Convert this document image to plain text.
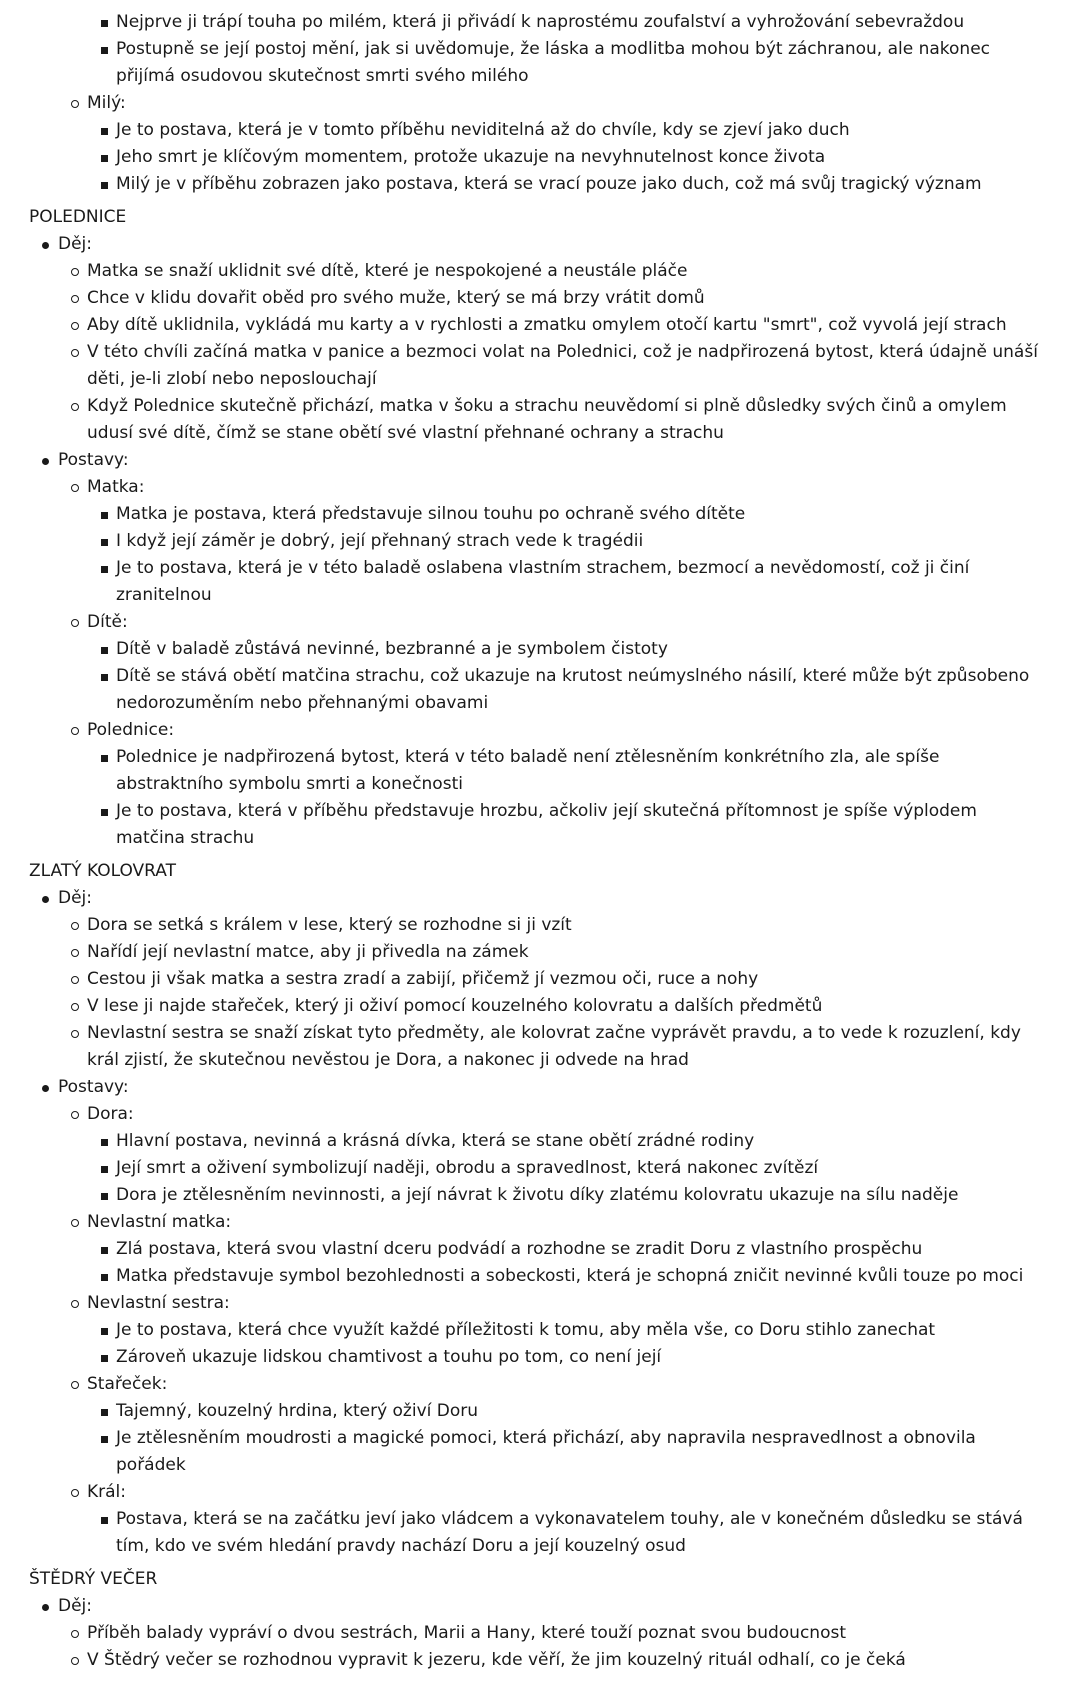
Nejprve ji trápí touha po milém, která ji přivádí k naprostému zoufalství a vyhrožování sebevraždou
Postupně se její postoj mění, jak si uvědomuje, že láska a modlitba mohou být záchranou, ale nakonec přijímá osudovou skutečnost smrti svého milého
Milý:
Je to postava, která je v tomto příběhu neviditelná až do chvíle, kdy se zjeví jako duch
Jeho smrt je klíčovým momentem, protože ukazuje na nevyhnutelnost konce života
Milý je v příběhu zobrazen jako postava, která se vrací pouze jako duch, což má svůj tragický význam
POLEDNICE
Děj:
Matka se snaží uklidnit své dítě, které je nespokojené a neustále pláče
Chce v klidu dovařit oběd pro svého muže, který se má brzy vrátit domů
Aby dítě uklidnila, vykládá mu karty a v rychlosti a zmatku omylem otočí kartu "smrt", což vyvolá její strach
V této chvíli začíná matka v panice a bezmoci volat na Polednici, což je nadpřirozená bytost, která údajně unáší děti, je-li zlobí nebo neposlouchají
Když Polednice skutečně přichází, matka v šoku a strachu neuvědomí si plně důsledky svých činů a omylem udusí své dítě, čímž se stane obětí své vlastní přehnané ochrany a strachu
Postavy:
Matka:
Matka je postava, která představuje silnou touhu po ochraně svého dítěte
I když její záměr je dobrý, její přehnaný strach vede k tragédii
Je to postava, která je v této baladě oslabena vlastním strachem, bezmocí a nevědomostí, což ji činí zranitelnou
Dítě:
Dítě v baladě zůstává nevinné, bezbranné a je symbolem čistoty
Dítě se stává obětí matčina strachu, což ukazuje na krutost neúmyslného násilí, které může být způsobeno nedorozuměním nebo přehnanými obavami
Polednice:
Polednice je nadpřirozená bytost, která v této baladě není ztělesněním konkrétního zla, ale spíše abstraktního symbolu smrti a konečnosti
Je to postava, která v příběhu představuje hrozbu, ačkoliv její skutečná přítomnost je spíše výplodem matčina strachu
ZLATÝ KOLOVRAT
Děj:
Dora se setká s králem v lese, který se rozhodne si ji vzít
Nařídí její nevlastní matce, aby ji přivedla na zámek
Cestou ji však matka a sestra zradí a zabijí, přičemž jí vezmou oči, ruce a nohy
V lese ji najde stařeček, který ji oživí pomocí kouzelného kolovratu a dalších předmětů
Nevlastní sestra se snaží získat tyto předměty, ale kolovrat začne vyprávět pravdu, a to vede k rozuzlení, kdy král zjistí, že skutečnou nevěstou je Dora, a nakonec ji odvede na hrad
Postavy:
Dora:
Hlavní postava, nevinná a krásná dívka, která se stane obětí zrádné rodiny
Její smrt a oživení symbolizují naději, obrodu a spravedlnost, která nakonec zvítězí
Dora je ztělesněním nevinnosti, a její návrat k životu díky zlatému kolovratu ukazuje na sílu naděje
Nevlastní matka:
Zlá postava, která svou vlastní dceru podvádí a rozhodne se zradit Doru z vlastního prospěchu
Matka představuje symbol bezohlednosti a sobeckosti, která je schopná zničit nevinné kvůli touze po moci
Nevlastní sestra:
Je to postava, která chce využít každé příležitosti k tomu, aby měla vše, co Doru stihlo zanechat
Zároveň ukazuje lidskou chamtivost a touhu po tom, co není její
Stařeček:
Tajemný, kouzelný hrdina, který oživí Doru
Je ztělesněním moudrosti a magické pomoci, která přichází, aby napravila nespravedlnost a obnovila pořádek
Král:
Postava, která se na začátku jeví jako vládcem a vykonavatelem touhy, ale v konečném důsledku se stává tím, kdo ve svém hledání pravdy nachází Doru a její kouzelný osud
ŠTĚDRÝ VEČER
Děj:
Příběh balady vypráví o dvou sestrách, Marii a Hany, které touží poznat svou budoucnost
V Štědrý večer se rozhodnou vypravit k jezeru, kde věří, že jim kouzelný rituál odhalí, co je čeká
